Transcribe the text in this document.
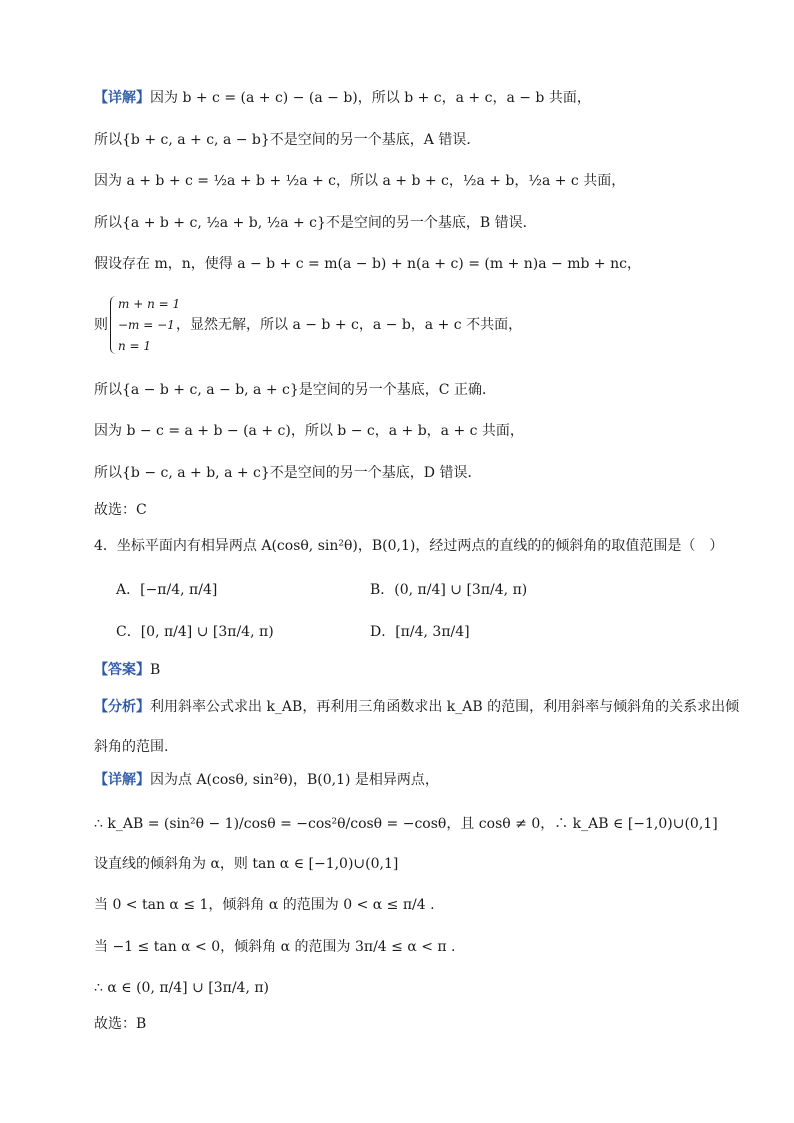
【详解】因为 b + c = (a + c) − (a − b)，所以 b + c，a + c，a − b 共面，
所以{b + c, a + c, a − b}不是空间的另一个基底，A 错误．
因为 a + b + c = ½a + b + ½a + c，所以 a + b + c，½a + b，½a + c 共面，
所以{a + b + c, ½a + b, ½a + c}不是空间的另一个基底，B 错误．
假设存在 m，n，使得 a − b + c = m(a − b) + n(a + c) = (m + n)a − mb + nc，
则
m + n = 1
−m = −1
n = 1
，显然无解，所以 a − b + c，a − b，a + c 不共面，
所以{a − b + c, a − b, a + c}是空间的另一个基底，C 正确．
因为 b − c = a + b − (a + c)，所以 b − c，a + b，a + c 共面，
所以{b − c, a + b, a + c}不是空间的另一个基底，D 错误．
故选：C
4．坐标平面内有相异两点 A(cosθ, sin²θ)，B(0,1)，经过两点的直线的的倾斜角的取值范围是（　）
A．[−π/4, π/4]	B．(0, π/4] ∪ [3π/4, π)
C．[0, π/4] ∪ [3π/4, π)	D．[π/4, 3π/4]
【答案】B
【分析】利用斜率公式求出 k_AB，再利用三角函数求出 k_AB 的范围，利用斜率与倾斜角的关系求出倾
斜角的范围.
【详解】因为点 A(cosθ, sin²θ)，B(0,1) 是相异两点，
∴ k_AB = (sin²θ − 1)/cosθ = −cos²θ/cosθ = −cosθ，且 cosθ ≠ 0，∴ k_AB ∈ [−1,0)∪(0,1]
设直线的倾斜角为 α，则 tan α ∈ [−1,0)∪(0,1]
当 0 < tan α ≤ 1，倾斜角 α 的范围为 0 < α ≤ π/4 .
当 −1 ≤ tan α < 0，倾斜角 α 的范围为 3π/4 ≤ α < π .
∴ α ∈ (0, π/4] ∪ [3π/4, π)
故选：B
